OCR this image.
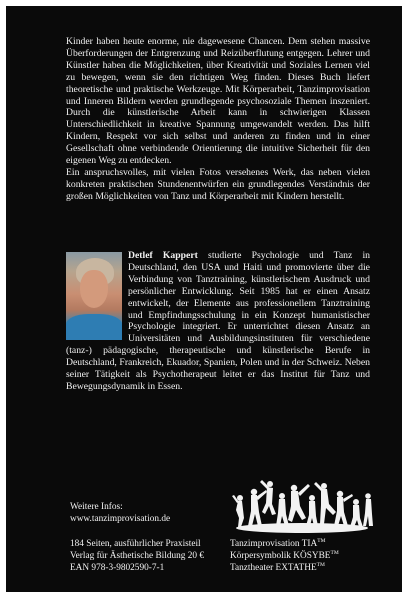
Kinder haben heute enorme, nie dagewesene Chancen. Dem stehen massive Überforderungen der Entgrenzung und Reizüberflutung entgegen. Lehrer und Künstler haben die Möglichkeiten, über Kreativität und Soziales Lernen viel zu bewegen, wenn sie den richtigen Weg finden. Dieses Buch liefert theoretische und praktische Werkzeuge. Mit Körperarbeit, Tanzimprovisation und Inneren Bildern werden grundlegende psychosoziale Themen inszeniert. Durch die künstlerische Arbeit kann in schwierigen Klassen Unterschiedlichkeit in kreative Spannung umgewandelt werden. Das hilft Kindern, Respekt vor sich selbst und anderen zu finden und in einer Gesellschaft ohne verbindende Orientierung die intuitive Sicherheit für den eigenen Weg zu entdecken.

Ein anspruchsvolles, mit vielen Fotos versehenes Werk, das neben vielen konkreten praktischen Stundenentwürfen ein grundlegendes Verständnis der großen Möglichkeiten von Tanz und Körperarbeit mit Kindern herstellt.

Detlef Kappert studierte Psychologie und Tanz in Deutschland, den USA und Haiti und promovierte über die Verbindung von Tanztraining, künstlerischem Ausdruck und persönlicher Entwicklung. Seit 1985 hat er einen Ansatz entwickelt, der Elemente aus professionellem Tanztraining und Empfindungsschulung in ein Konzept humanistischer Psychologie integriert. Er unterrichtet diesen Ansatz an Universitäten und Ausbildungsinstituten für verschiedene (tanz-) pädagogische, therapeutische und künstlerische Berufe in Deutschland, Frankreich, Ekuador, Spanien, Polen und in der Schweiz. Neben seiner Tätigkeit als Psychotherapeut leitet er das Institut für Tanz und Bewegungsdynamik in Essen.
Weitere Infos:
www.tanzimprovisation.de
184 Seiten, ausführlicher Praxisteil
Verlag für Ästhetische Bildung 20 €
EAN 978-3-9802590-7-1
Tanzimprovisation TIA™
Körpersymbolik KÖSYBE™
Tanztheater EXTATHE™
